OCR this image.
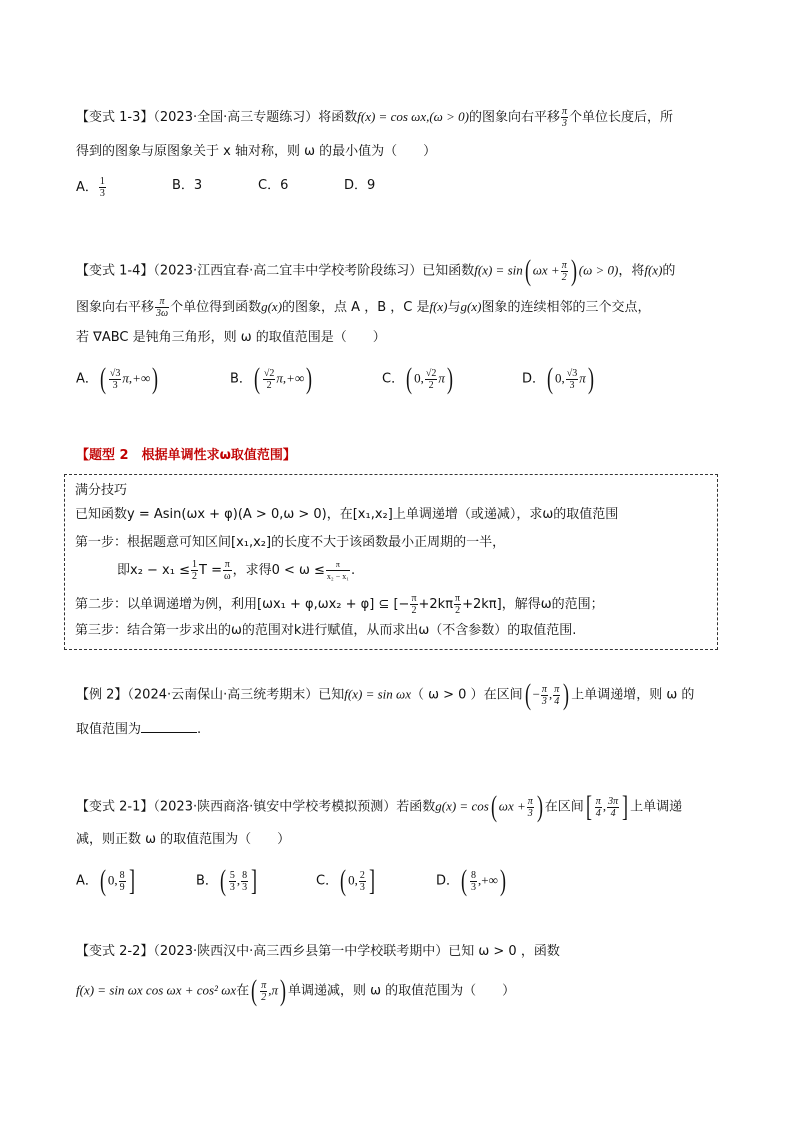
【变式 1-3】（2023·全国·高三专题练习）将函数f(x) = cos ωx,(ω > 0)的图象向右平移 $\frac{\pi}{3}$ 个单位长度后，所
得到的图象与原图象关于 x 轴对称，则 ω 的最小值为（　　）
A． $\frac{1}{3}$	B．3	C．6	D．9
【变式 1-4】（2023·江西宜春·高二宜丰中学校考阶段练习）已知函数f(x) = sin( $\omega x + \frac{\pi}{2}$ ) (ω > 0)，将f(x)的
图象向右平移 $\frac{\pi}{3\omega}$ 个单位得到函数g(x)的图象，点 A ，B ，C 是f(x)与g(x)图象的连续相邻的三个交点，
若 ∇ABC 是钝角三角形，则 ω 的取值范围是（　　）
A．( $\frac{√3}{3} \pi,+\infty$)	B．( $\frac{√2}{2} \pi,+\infty$)	C．( 0, $\frac{√2}{2} \pi$)	D．( 0, $\frac{√3}{3} \pi$)
【题型 2　根据单调性求ω取值范围】
满分技巧
已知函数y = Asin(ωx + φ)(A > 0,ω > 0)，在[x₁,x₂]上单调递增（或递减），求ω的取值范围
第一步：根据题意可知区间[x₁,x₂]的长度不大于该函数最小正周期的一半，
即$x_2 - x_1 \le \frac{1}{2}$ $T = \frac{\pi}{\omega}$ ，求得$0 < \omega \le \frac{\pi}{\text{x₂ − x₁}}$ .
第二步：以单调递增为例，利用[ωx₁ + φ,ωx₂ + φ] ⊆ [− $\frac{\pi}{2} +2k\pi \frac{\pi}{2} +2k\pi$]，解得ω的范围；
第三步：结合第一步求出的ω的范围对k进行赋值，从而求出ω（不含参数）的取值范围.
【例 2】（2024·云南保山·高三统考期末）已知f(x) = sin ωx（ ω > 0 ）在区间( − $\frac{\pi}{3}$ , $\frac{\pi}{4}$ ) 上单调递增，则 ω 的
取值范围为	.
【变式 2-1】（2023·陕西商洛·镇安中学校考模拟预测）若函数g(x) = cos( $\omega x + \frac{\pi}{3}$ ) 在区间[ $\frac{\pi}{4}$ , $\frac{3\pi}{4}$ ] 上单调递
减，则正数 ω 的取值范围为（　　）
A．( 0, $\frac{8}{9}$ ]	B．( $\frac{5}{3}$ , $\frac{8}{3}$ ]	C．( 0, $\frac{2}{3}$ ]	D．( $\frac{8}{3}$ ,+∞)
【变式 2-2】（2023·陕西汉中·高三西乡县第一中学校联考期中）已知 ω > 0 ，函数
f(x) = sin ωx cos ωx + cos² ωx在( $\frac{\pi}{2} ,\pi$) 单调递减，则 ω 的取值范围为（　　）
